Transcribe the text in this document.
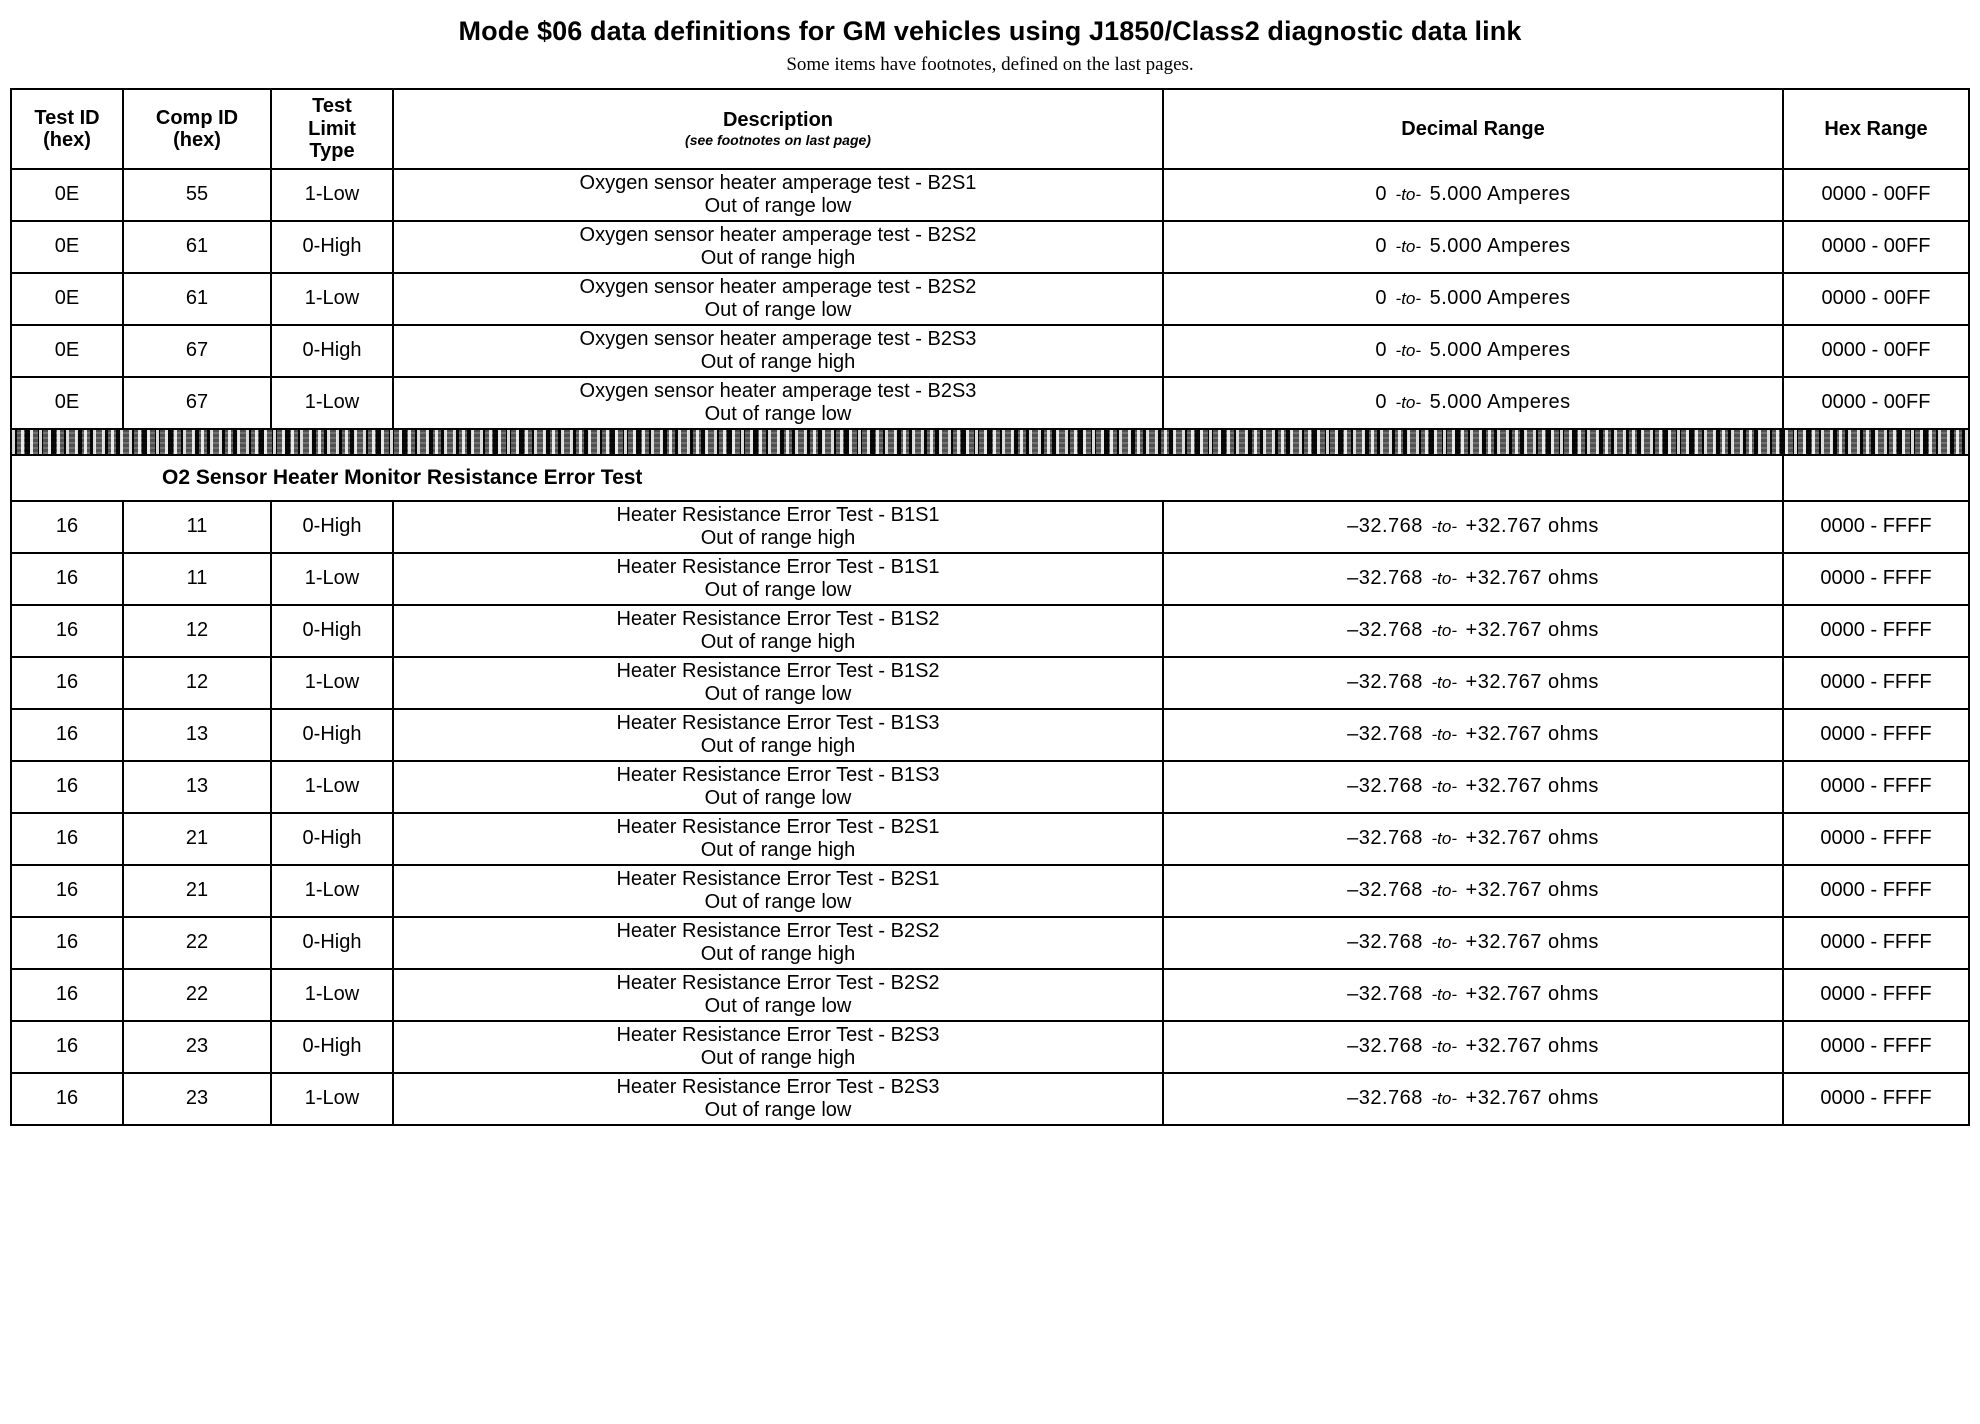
Mode $06 data definitions for GM vehicles using J1850/Class2 diagnostic data link
Some items have footnotes, defined on the last pages.
Test ID
(hex)	Comp ID
(hex)	Test
Limit
Type	Description
(see footnotes on last page)	Decimal Range	Hex Range
0E	55	1-Low	Oxygen sensor heater amperage test - B2S1
Out of range low	0 -to- 5.000 Amperes	0000 - 00FF
0E	61	0-High	Oxygen sensor heater amperage test - B2S2
Out of range high	0 -to- 5.000 Amperes	0000 - 00FF
0E	61	1-Low	Oxygen sensor heater amperage test - B2S2
Out of range low	0 -to- 5.000 Amperes	0000 - 00FF
0E	67	0-High	Oxygen sensor heater amperage test - B2S3
Out of range high	0 -to- 5.000 Amperes	0000 - 00FF
0E	67	1-Low	Oxygen sensor heater amperage test - B2S3
Out of range low	0 -to- 5.000 Amperes	0000 - 00FF

O2 Sensor Heater Monitor Resistance Error Test					

16	11	0-High	Heater Resistance Error Test - B1S1
Out of range high	–32.768 -to- +32.767 ohms	0000 - FFFF
16	11	1-Low	Heater Resistance Error Test - B1S1
Out of range low	–32.768 -to- +32.767 ohms	0000 - FFFF
16	12	0-High	Heater Resistance Error Test - B1S2
Out of range high	–32.768 -to- +32.767 ohms	0000 - FFFF
16	12	1-Low	Heater Resistance Error Test - B1S2
Out of range low	–32.768 -to- +32.767 ohms	0000 - FFFF
16	13	0-High	Heater Resistance Error Test - B1S3
Out of range high	–32.768 -to- +32.767 ohms	0000 - FFFF
16	13	1-Low	Heater Resistance Error Test - B1S3
Out of range low	–32.768 -to- +32.767 ohms	0000 - FFFF
16	21	0-High	Heater Resistance Error Test - B2S1
Out of range high	–32.768 -to- +32.767 ohms	0000 - FFFF
16	21	1-Low	Heater Resistance Error Test - B2S1
Out of range low	–32.768 -to- +32.767 ohms	0000 - FFFF
16	22	0-High	Heater Resistance Error Test - B2S2
Out of range high	–32.768 -to- +32.767 ohms	0000 - FFFF
16	22	1-Low	Heater Resistance Error Test - B2S2
Out of range low	–32.768 -to- +32.767 ohms	0000 - FFFF
16	23	0-High	Heater Resistance Error Test - B2S3
Out of range high	–32.768 -to- +32.767 ohms	0000 - FFFF
16	23	1-Low	Heater Resistance Error Test - B2S3
Out of range low	–32.768 -to- +32.767 ohms	0000 - FFFF
